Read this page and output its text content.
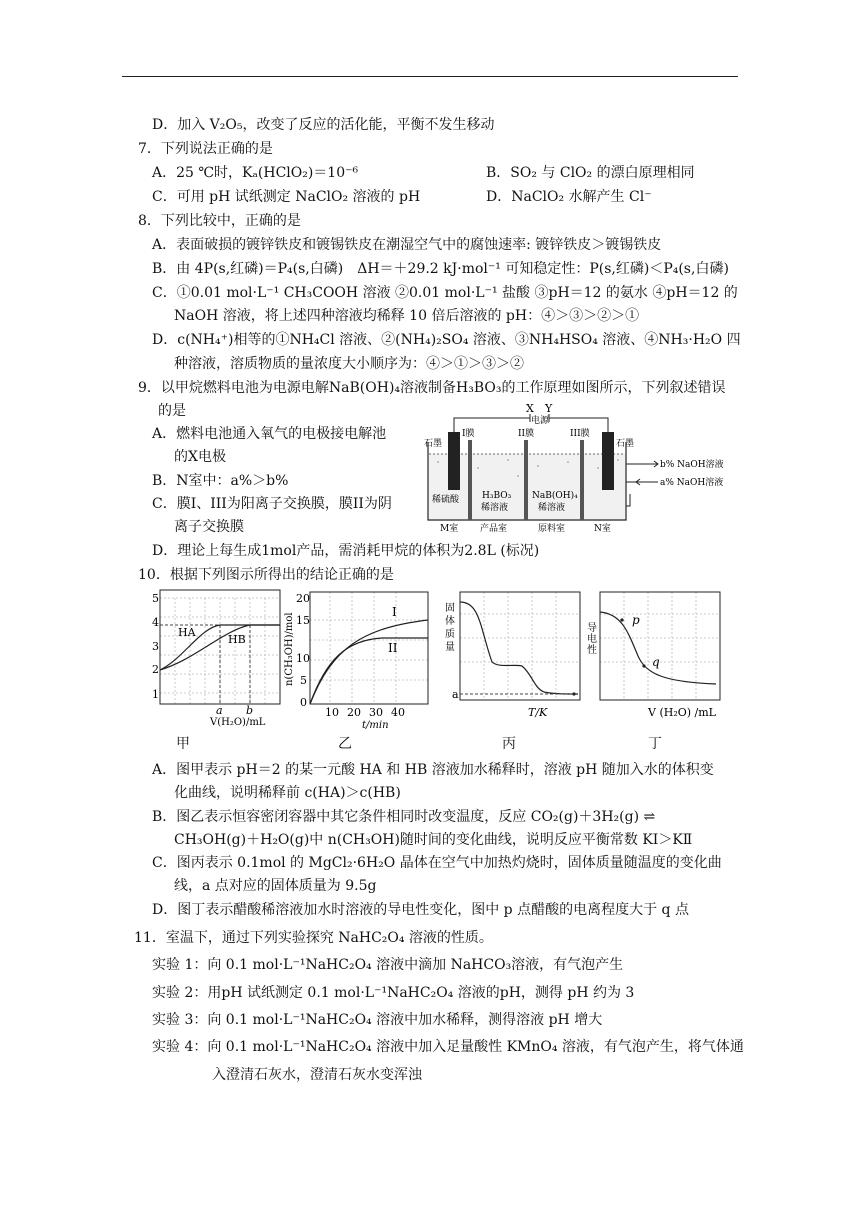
D．加入 V₂O₅，改变了反应的活化能，平衡不发生移动
7．下列说法正确的是
A．25 ℃时，Kₐ(HClO₂)＝10⁻⁶	B．SO₂ 与 ClO₂ 的漂白原理相同
C．可用 pH 试纸测定 NaClO₂ 溶液的 pH	D．NaClO₂ 水解产生 Cl⁻
8．下列比较中，正确的是
A．表面破损的镀锌铁皮和镀锡铁皮在潮湿空气中的腐蚀速率: 镀锌铁皮＞镀锡铁皮
B．由 4P(s,红磷)＝P₄(s,白磷)　ΔH＝＋29.2 kJ·mol⁻¹ 可知稳定性：P(s,红磷)＜P₄(s,白磷)
C．①0.01 mol·L⁻¹ CH₃COOH 溶液 ②0.01 mol·L⁻¹ 盐酸 ③pH＝12 的氨水 ④pH＝12 的
NaOH 溶液，将上述四种溶液均稀释 10 倍后溶液的 pH：④＞③＞②＞①
D．c(NH₄⁺)相等的①NH₄Cl 溶液、②(NH₄)₂SO₄ 溶液、③NH₄HSO₄ 溶液、④NH₃·H₂O 四
种溶液，溶质物质的量浓度大小顺序为：④＞①＞③＞②
9．以甲烷燃料电池为电源电解NaB(OH)₄溶液制备H₃BO₃的工作原理如图所示，下列叙述错误
的是
A．燃料电池通入氧气的电极接电解池
的X电极
B．N室中：a%＞b%
C．膜I、III为阳离子交换膜，膜II为阴
离子交换膜
D．理论上每生成1mol产品，需消耗甲烷的体积为2.8L (标况)
X Y
电源
石墨	石墨
I膜	II膜	III膜
稀硫酸	H₃BO₃
稀溶液
NaB(OH)₄
稀溶液
M室 产品室	原料室	N室
b% NaOH溶液
a% NaOH溶液
10．根据下列图示所得出的结论正确的是
5
4
3
2
1
HA
HB
a b
V(H₂O)/mL
甲
20
15
10
5
0
n(CH₃OH)/mol
I
II
10 20 30 40
t/min
乙
固体质量
a
T/K
丙
导电性
p
q
V (H₂O) /mL
丁
A．图甲表示 pH＝2 的某一元酸 HA 和 HB 溶液加水稀释时，溶液 pH 随加入水的体积变
化曲线，说明稀释前 c(HA)＞c(HB)
B．图乙表示恒容密闭容器中其它条件相同时改变温度，反应 CO₂(g)＋3H₂(g) ⇌
CH₃OH(g)＋H₂O(g)中 n(CH₃OH)随时间的变化曲线，说明反应平衡常数 KⅠ＞KⅡ
C．图丙表示 0.1mol 的 MgCl₂·6H₂O 晶体在空气中加热灼烧时，固体质量随温度的变化曲
线，a 点对应的固体质量为 9.5g
D．图丁表示醋酸稀溶液加水时溶液的导电性变化，图中 p 点醋酸的电离程度大于 q 点
11．室温下，通过下列实验探究 NaHC₂O₄ 溶液的性质。
实验 1：向 0.1 mol·L⁻¹NaHC₂O₄ 溶液中滴加 NaHCO₃溶液，有气泡产生
实验 2：用pH 试纸测定 0.1 mol·L⁻¹NaHC₂O₄ 溶液的pH，测得 pH 约为 3
实验 3：向 0.1 mol·L⁻¹NaHC₂O₄ 溶液中加水稀释，测得溶液 pH 增大
实验 4：向 0.1 mol·L⁻¹NaHC₂O₄ 溶液中加入足量酸性 KMnO₄ 溶液，有气泡产生，将气体通
入澄清石灰水，澄清石灰水变浑浊
